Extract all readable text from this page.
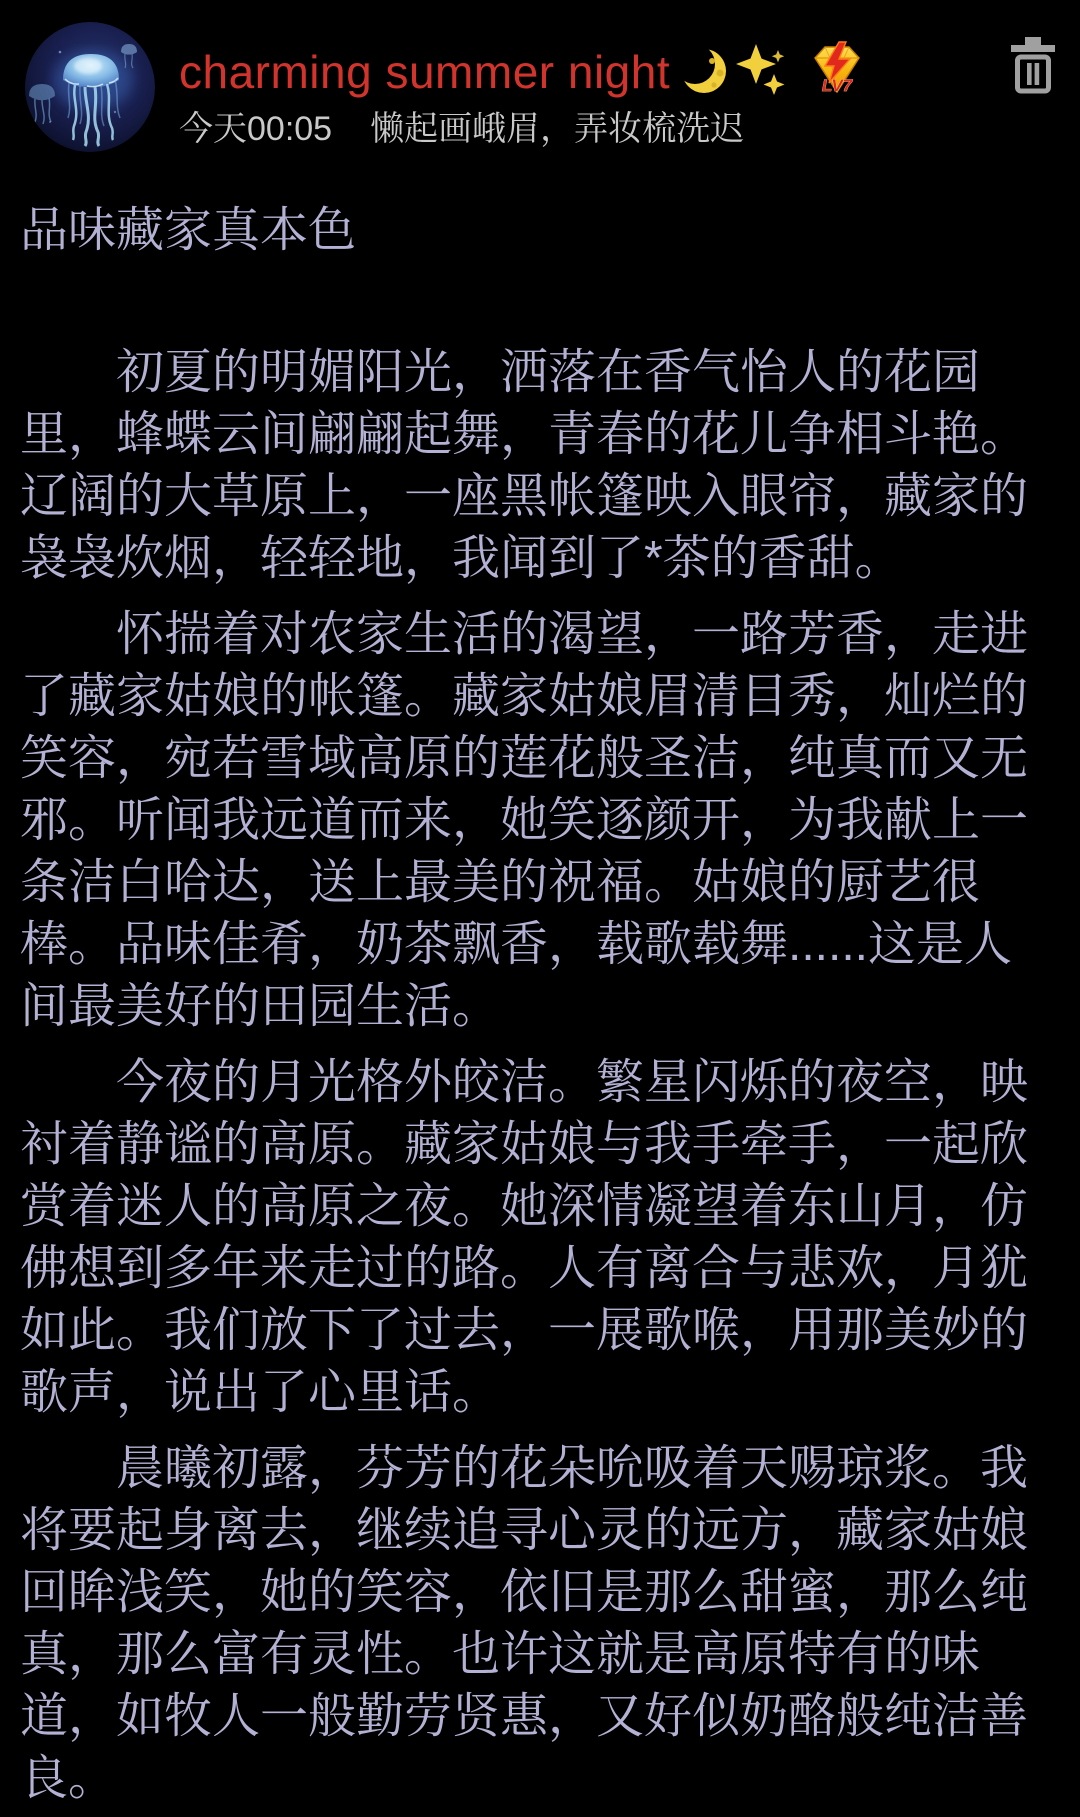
charming summer night	LV7
今天00:05 懒起画峨眉，弄妆梳洗迟
品味藏家真本色
　　初夏的明媚阳光，洒落在香气怡人的花园
里，蜂蝶云间翩翩起舞，青春的花儿争相斗艳。
辽阔的大草原上，一座黑帐篷映入眼帘，藏家的
袅袅炊烟，轻轻地，我闻到了*茶的香甜。
　　怀揣着对农家生活的渴望，一路芳香，走进
了藏家姑娘的帐篷。藏家姑娘眉清目秀，灿烂的
笑容，宛若雪域高原的莲花般圣洁，纯真而又无
邪。听闻我远道而来，她笑逐颜开，为我献上一
条洁白哈达，送上最美的祝福。姑娘的厨艺很
棒。品味佳肴，奶茶飘香，载歌载舞......这是人
间最美好的田园生活。
　　今夜的月光格外皎洁。繁星闪烁的夜空，映
衬着静谧的高原。藏家姑娘与我手牵手，一起欣
赏着迷人的高原之夜。她深情凝望着东山月，仿
佛想到多年来走过的路。人有离合与悲欢，月犹
如此。我们放下了过去，一展歌喉，用那美妙的
歌声，说出了心里话。
　　晨曦初露，芬芳的花朵吮吸着天赐琼浆。我
将要起身离去，继续追寻心灵的远方，藏家姑娘
回眸浅笑，她的笑容，依旧是那么甜蜜，那么纯
真，那么富有灵性。也许这就是高原特有的味
道，如牧人一般勤劳贤惠，又好似奶酪般纯洁善
良。
